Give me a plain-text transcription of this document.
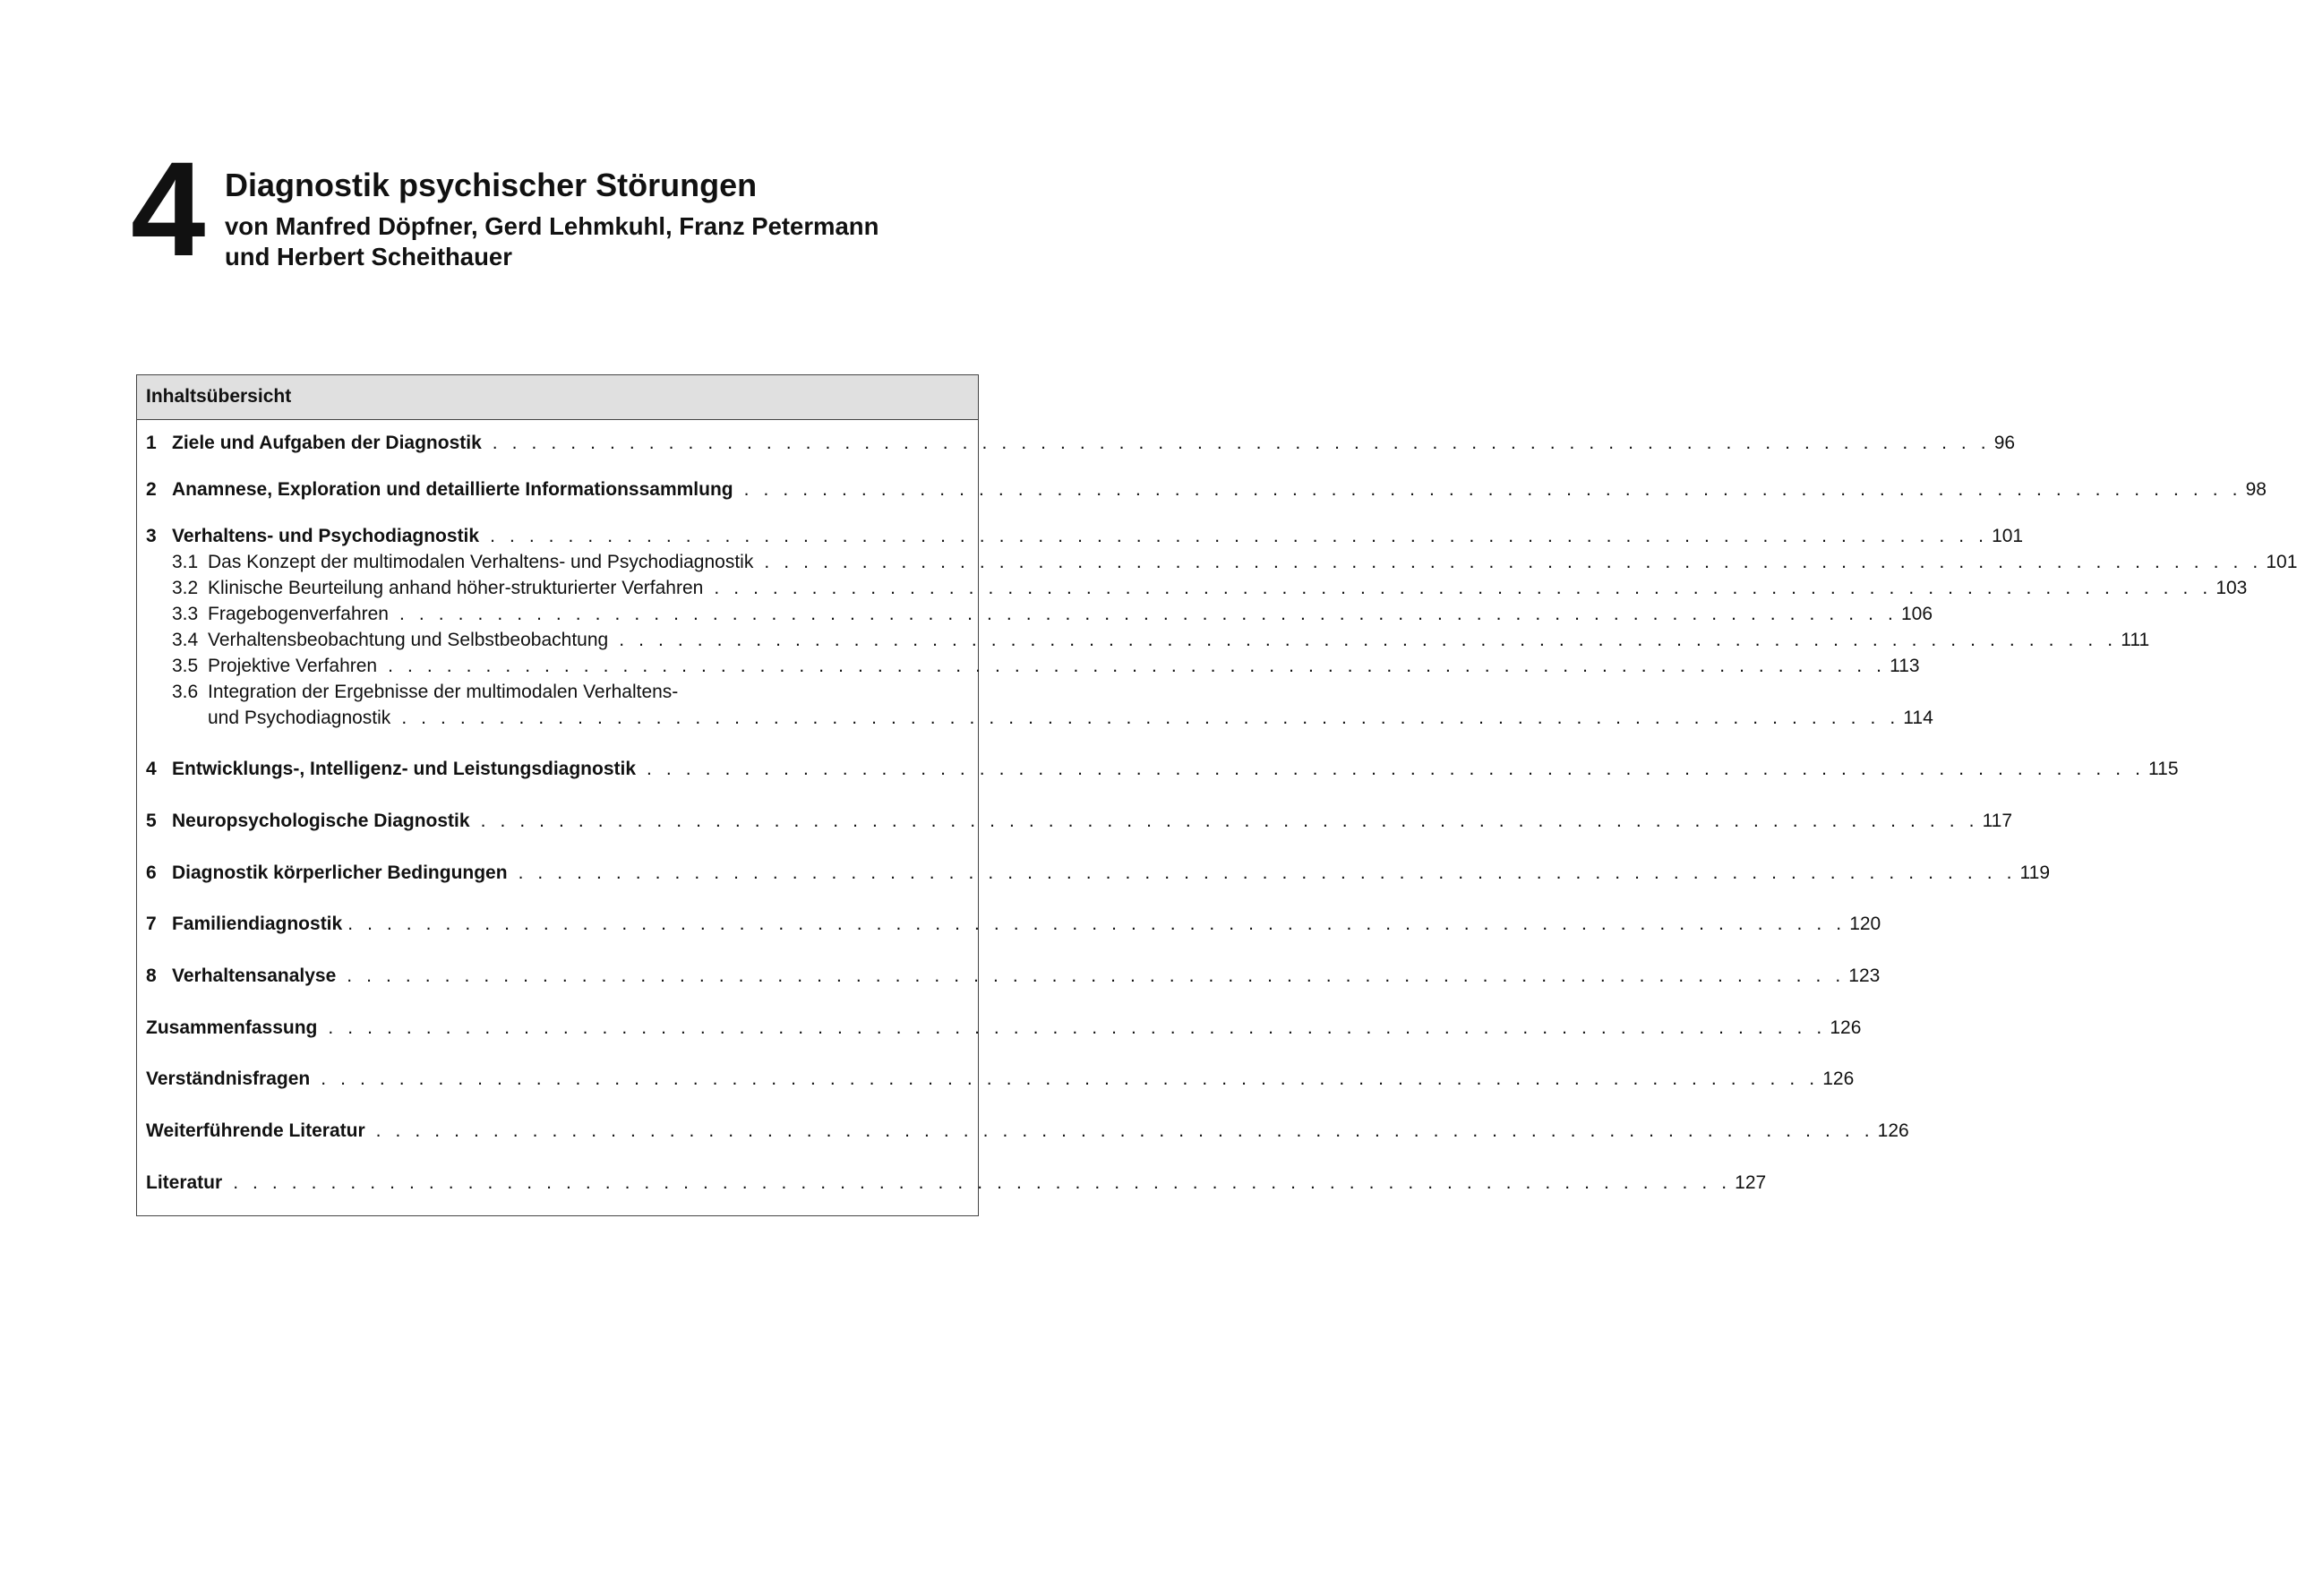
4 Diagnostik psychischer Störungen
von Manfred Döpfner, Gerd Lehmkuhl, Franz Petermann
und Herbert Scheithauer
Inhaltsübersicht
1 Ziele und Aufgaben der Diagnostik . . . . . . . . . . . . . . . . . . . . . . . . . . . . . . . . . . . . . . . . . . . . . . . . . . . . . . . . . . . . . . . . . . . . . . . . . . . . . 96
2 Anamnese, Exploration und detaillierte Informationssammlung . . . . . . . . . . . . . . . . . . . . . . . . . . . . . . . . . . . . . . . . . . . . . . . . . . . . . . . . . . . . . . . . . . . . . . . . . . . . . 98
3 Verhaltens- und Psychodiagnostik . . . . . . . . . . . . . . . . . . . . . . . . . . . . . . . . . . . . . . . . . . . . . . . . . . . . . . . . . . . . . . . . . . . . . . . . . . . . . 101
3.1 Das Konzept der multimodalen Verhaltens- und Psychodiagnostik . . . . . . . . . . . . . . . . . . . . . . . . . . . . . . . . . . . . . . . . . . . . . . . . . . . . . . . . . . . . . . . . . . . . . . . . . . . . . 101
3.2 Klinische Beurteilung anhand höher-strukturierter Verfahren . . . . . . . . . . . . . . . . . . . . . . . . . . . . . . . . . . . . . . . . . . . . . . . . . . . . . . . . . . . . . . . . . . . . . . . . . . . . . 103
3.3 Fragebogenverfahren . . . . . . . . . . . . . . . . . . . . . . . . . . . . . . . . . . . . . . . . . . . . . . . . . . . . . . . . . . . . . . . . . . . . . . . . . . . . . 106
3.4 Verhaltensbeobachtung und Selbstbeobachtung . . . . . . . . . . . . . . . . . . . . . . . . . . . . . . . . . . . . . . . . . . . . . . . . . . . . . . . . . . . . . . . . . . . . . . . . . . . . . 111
3.5 Projektive Verfahren . . . . . . . . . . . . . . . . . . . . . . . . . . . . . . . . . . . . . . . . . . . . . . . . . . . . . . . . . . . . . . . . . . . . . . . . . . . . . 113
3.6 Integration der Ergebnisse der multimodalen Verhaltens-
und Psychodiagnostik . . . . . . . . . . . . . . . . . . . . . . . . . . . . . . . . . . . . . . . . . . . . . . . . . . . . . . . . . . . . . . . . . . . . . . . . . . . . . 114
4 Entwicklungs-, Intelligenz- und Leistungsdiagnostik . . . . . . . . . . . . . . . . . . . . . . . . . . . . . . . . . . . . . . . . . . . . . . . . . . . . . . . . . . . . . . . . . . . . . . . . . . . . . 115
5 Neuropsychologische Diagnostik . . . . . . . . . . . . . . . . . . . . . . . . . . . . . . . . . . . . . . . . . . . . . . . . . . . . . . . . . . . . . . . . . . . . . . . . . . . . . 117
6 Diagnostik körperlicher Bedingungen . . . . . . . . . . . . . . . . . . . . . . . . . . . . . . . . . . . . . . . . . . . . . . . . . . . . . . . . . . . . . . . . . . . . . . . . . . . . . 119
7 Familiendiagnostik . . . . . . . . . . . . . . . . . . . . . . . . . . . . . . . . . . . . . . . . . . . . . . . . . . . . . . . . . . . . . . . . . . . . . . . . . . . . . 120
8 Verhaltensanalyse . . . . . . . . . . . . . . . . . . . . . . . . . . . . . . . . . . . . . . . . . . . . . . . . . . . . . . . . . . . . . . . . . . . . . . . . . . . . . 123
Zusammenfassung . . . . . . . . . . . . . . . . . . . . . . . . . . . . . . . . . . . . . . . . . . . . . . . . . . . . . . . . . . . . . . . . . . . . . . . . . . . . . 126
Verständnisfragen . . . . . . . . . . . . . . . . . . . . . . . . . . . . . . . . . . . . . . . . . . . . . . . . . . . . . . . . . . . . . . . . . . . . . . . . . . . . . 126
Weiterführende Literatur . . . . . . . . . . . . . . . . . . . . . . . . . . . . . . . . . . . . . . . . . . . . . . . . . . . . . . . . . . . . . . . . . . . . . . . . . . . . . 126
Literatur . . . . . . . . . . . . . . . . . . . . . . . . . . . . . . . . . . . . . . . . . . . . . . . . . . . . . . . . . . . . . . . . . . . . . . . . . . . . . 127
